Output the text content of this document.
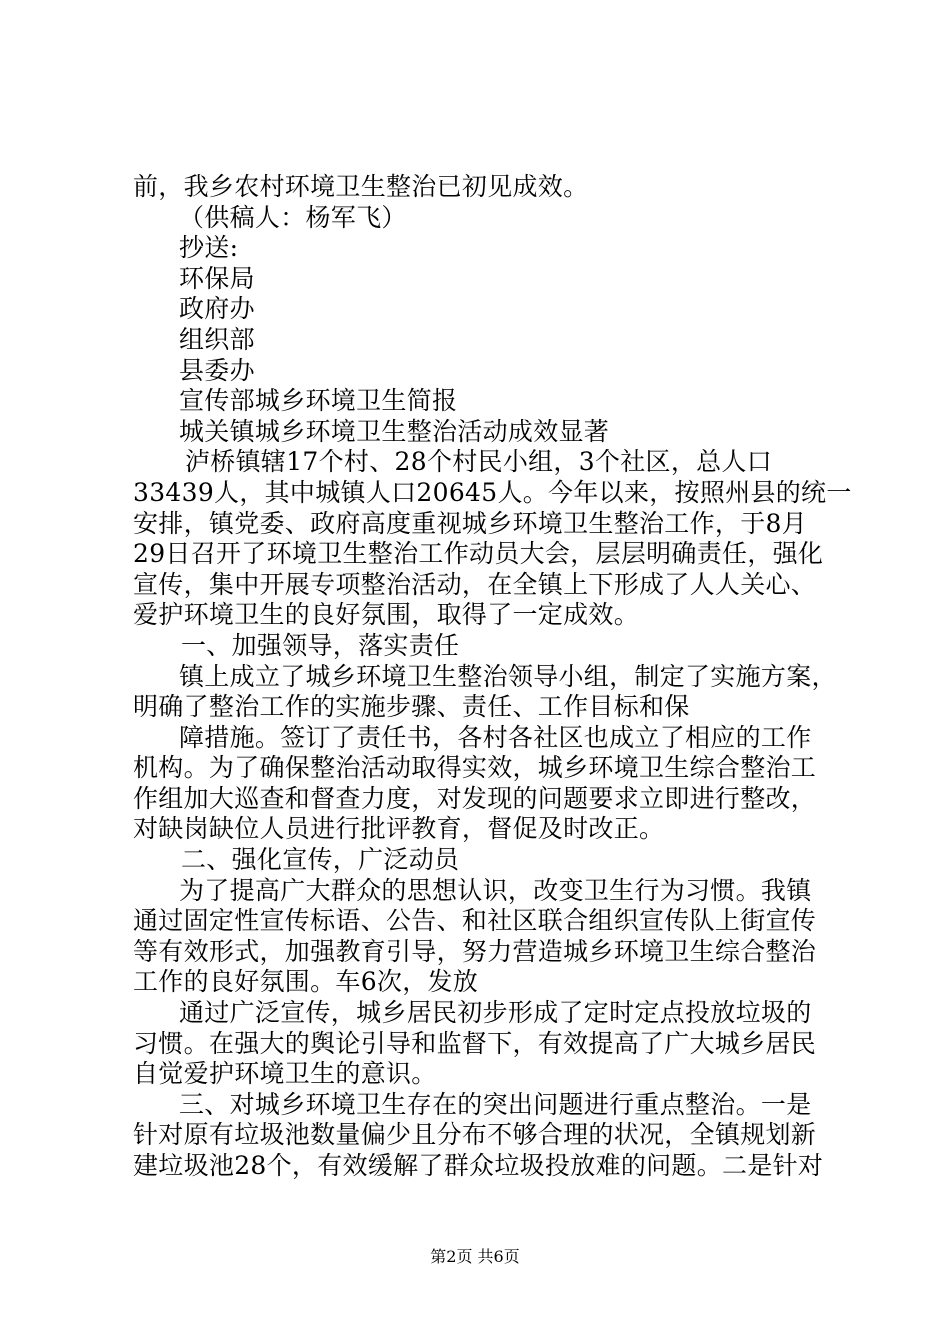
前，我乡农村环境卫生整治已初见成效。
（供稿人：杨军飞）
抄送:
环保局
政府办
组织部
县委办
宣传部城乡环境卫生简报
城关镇城乡环境卫生整治活动成效显著
泸桥镇辖17个村、28个村民小组，3个社区，总人口
33439人，其中城镇人口20645人。今年以来，按照州县的统一
安排，镇党委、政府高度重视城乡环境卫生整治工作，于8月
29日召开了环境卫生整治工作动员大会，层层明确责任，强化
宣传，集中开展专项整治活动，在全镇上下形成了人人关心、
爱护环境卫生的良好氛围，取得了一定成效。
一、加强领导，落实责任
镇上成立了城乡环境卫生整治领导小组，制定了实施方案，
明确了整治工作的实施步骤、责任、工作目标和保
障措施。签订了责任书，各村各社区也成立了相应的工作
机构。为了确保整治活动取得实效，城乡环境卫生综合整治工
作组加大巡查和督查力度，对发现的问题要求立即进行整改，
对缺岗缺位人员进行批评教育，督促及时改正。
二、强化宣传，广泛动员
为了提高广大群众的思想认识，改变卫生行为习惯。我镇
通过固定性宣传标语、公告、和社区联合组织宣传队上街宣传
等有效形式，加强教育引导，努力营造城乡环境卫生综合整治
工作的良好氛围。车6次，发放
通过广泛宣传，城乡居民初步形成了定时定点投放垃圾的
习惯。在强大的舆论引导和监督下，有效提高了广大城乡居民
自觉爱护环境卫生的意识。
三、对城乡环境卫生存在的突出问题进行重点整治。一是
针对原有垃圾池数量偏少且分布不够合理的状况，全镇规划新
建垃圾池28个，有效缓解了群众垃圾投放难的问题。二是针对
第2页 共6页
